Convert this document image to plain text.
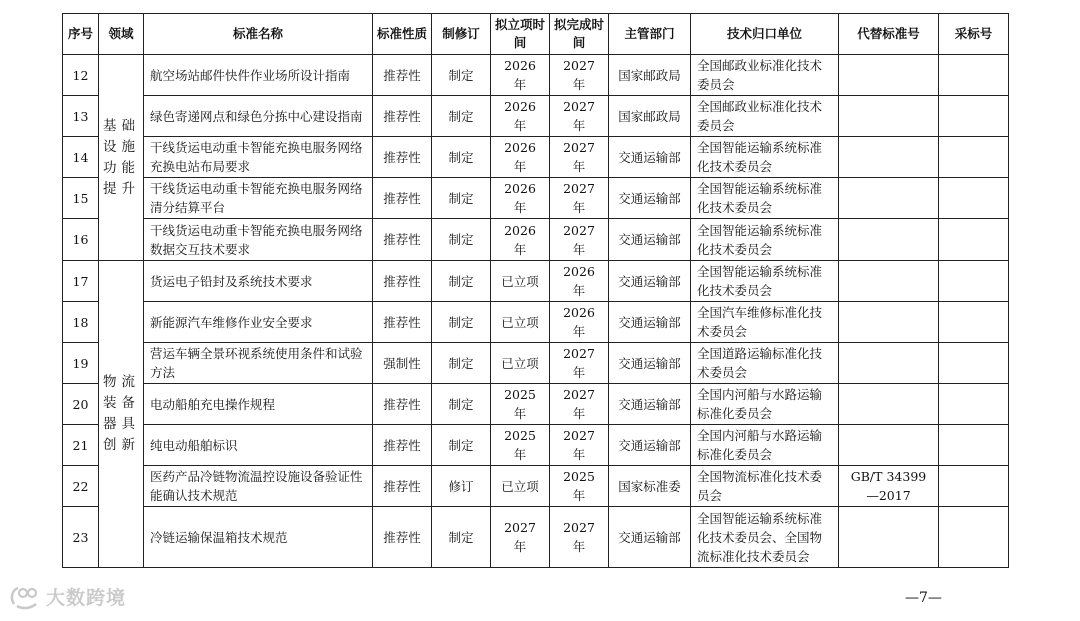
序号	领域	标准名称	标准性质	制修订	拟立项时间	拟完成时间	主管部门	技术归口单位	代替标准号	采标号
12	基础设施功能提升	航空场站邮件快件作业场所设计指南	推荐性	制定	2026 年	2027 年	国家邮政局	全国邮政业标准化技术委员会		
13		绿色寄递网点和绿色分拣中心建设指南	推荐性	制定	2026 年	2027 年	国家邮政局	全国邮政业标准化技术委员会		
14		干线货运电动重卡智能充换电服务网络 充换电站布局要求	推荐性	制定	2026 年	2027 年	交通运输部	全国智能运输系统标准化技术委员会		
15		干线货运电动重卡智能充换电服务网络 清分结算平台	推荐性	制定	2026 年	2027 年	交通运输部	全国智能运输系统标准化技术委员会		
16		干线货运电动重卡智能充换电服务网络 数据交互技术要求	推荐性	制定	2026 年	2027 年	交通运输部	全国智能运输系统标准化技术委员会		
17	物流装备器具创新	货运电子铅封及系统技术要求	推荐性	制定	已立项	2026 年	交通运输部	全国智能运输系统标准化技术委员会		
18		新能源汽车维修作业安全要求	推荐性	制定	已立项	2026 年	交通运输部	全国汽车维修标准化技术委员会		
19		营运车辆全景环视系统使用条件和试验方法	强制性	制定	已立项	2027 年	交通运输部	全国道路运输标准化技术委员会		
20		电动船舶充电操作规程	推荐性	制定	2025 年	2027 年	交通运输部	全国内河船与水路运输标准化委员会		
21		纯电动船舶标识	推荐性	制定	2025 年	2027 年	交通运输部	全国内河船与水路运输标准化委员会		
22		医药产品冷链物流温控设施设备验证性能确认技术规范	推荐性	修订	已立项	2025 年	国家标准委	全国物流标准化技术委员会	GB/T 34399—2017	
23		冷链运输保温箱技术规范	推荐性	制定	2027 年	2027 年	交通运输部	全国智能运输系统标准化技术委员会、全国物流标准化技术委员会		
大数跨境	—7—
